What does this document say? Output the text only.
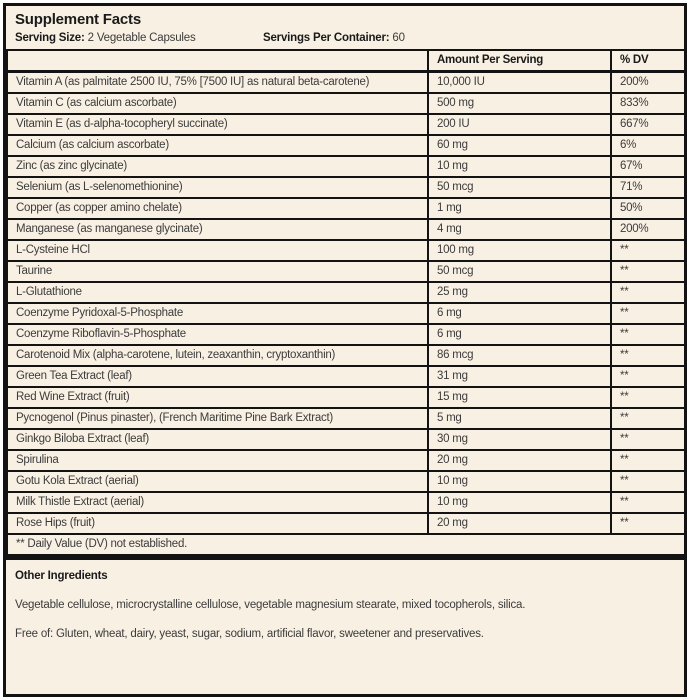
Supplement Facts
Serving Size: 2 Vegetable Capsules	Servings Per Container: 60
	Amount Per Serving	% DV
Vitamin A (as palmitate 2500 IU, 75% [7500 IU] as natural beta-carotene)	10,000 IU	200%
Vitamin C (as calcium ascorbate)	500 mg	833%
Vitamin E (as d-alpha-tocopheryl succinate)	200 IU	667%
Calcium (as calcium ascorbate)	60 mg	6%
Zinc (as zinc glycinate)	10 mg	67%
Selenium (as L-selenomethionine)	50 mcg	71%
Copper (as copper amino chelate)	1 mg	50%
Manganese (as manganese glycinate)	4 mg	200%
L-Cysteine HCl	100 mg	**
Taurine	50 mcg	**
L-Glutathione	25 mg	**
Coenzyme Pyridoxal-5-Phosphate	6 mg	**
Coenzyme Riboflavin-5-Phosphate	6 mg	**
Carotenoid Mix (alpha-carotene, lutein, zeaxanthin, cryptoxanthin)	86 mcg	**
Green Tea Extract (leaf)	31 mg	**
Red Wine Extract (fruit)	15 mg	**
Pycnogenol (Pinus pinaster), (French Maritime Pine Bark Extract)	5 mg	**
Ginkgo Biloba Extract (leaf)	30 mg	**
Spirulina	20 mg	**
Gotu Kola Extract (aerial)	10 mg	**
Milk Thistle Extract (aerial)	10 mg	**
Rose Hips (fruit)	20 mg	**
** Daily Value (DV) not established.		
Other Ingredients

Vegetable cellulose, microcrystalline cellulose, vegetable magnesium stearate, mixed tocopherols, silica.

Free of: Gluten, wheat, dairy, yeast, sugar, sodium, artificial flavor, sweetener and preservatives.
